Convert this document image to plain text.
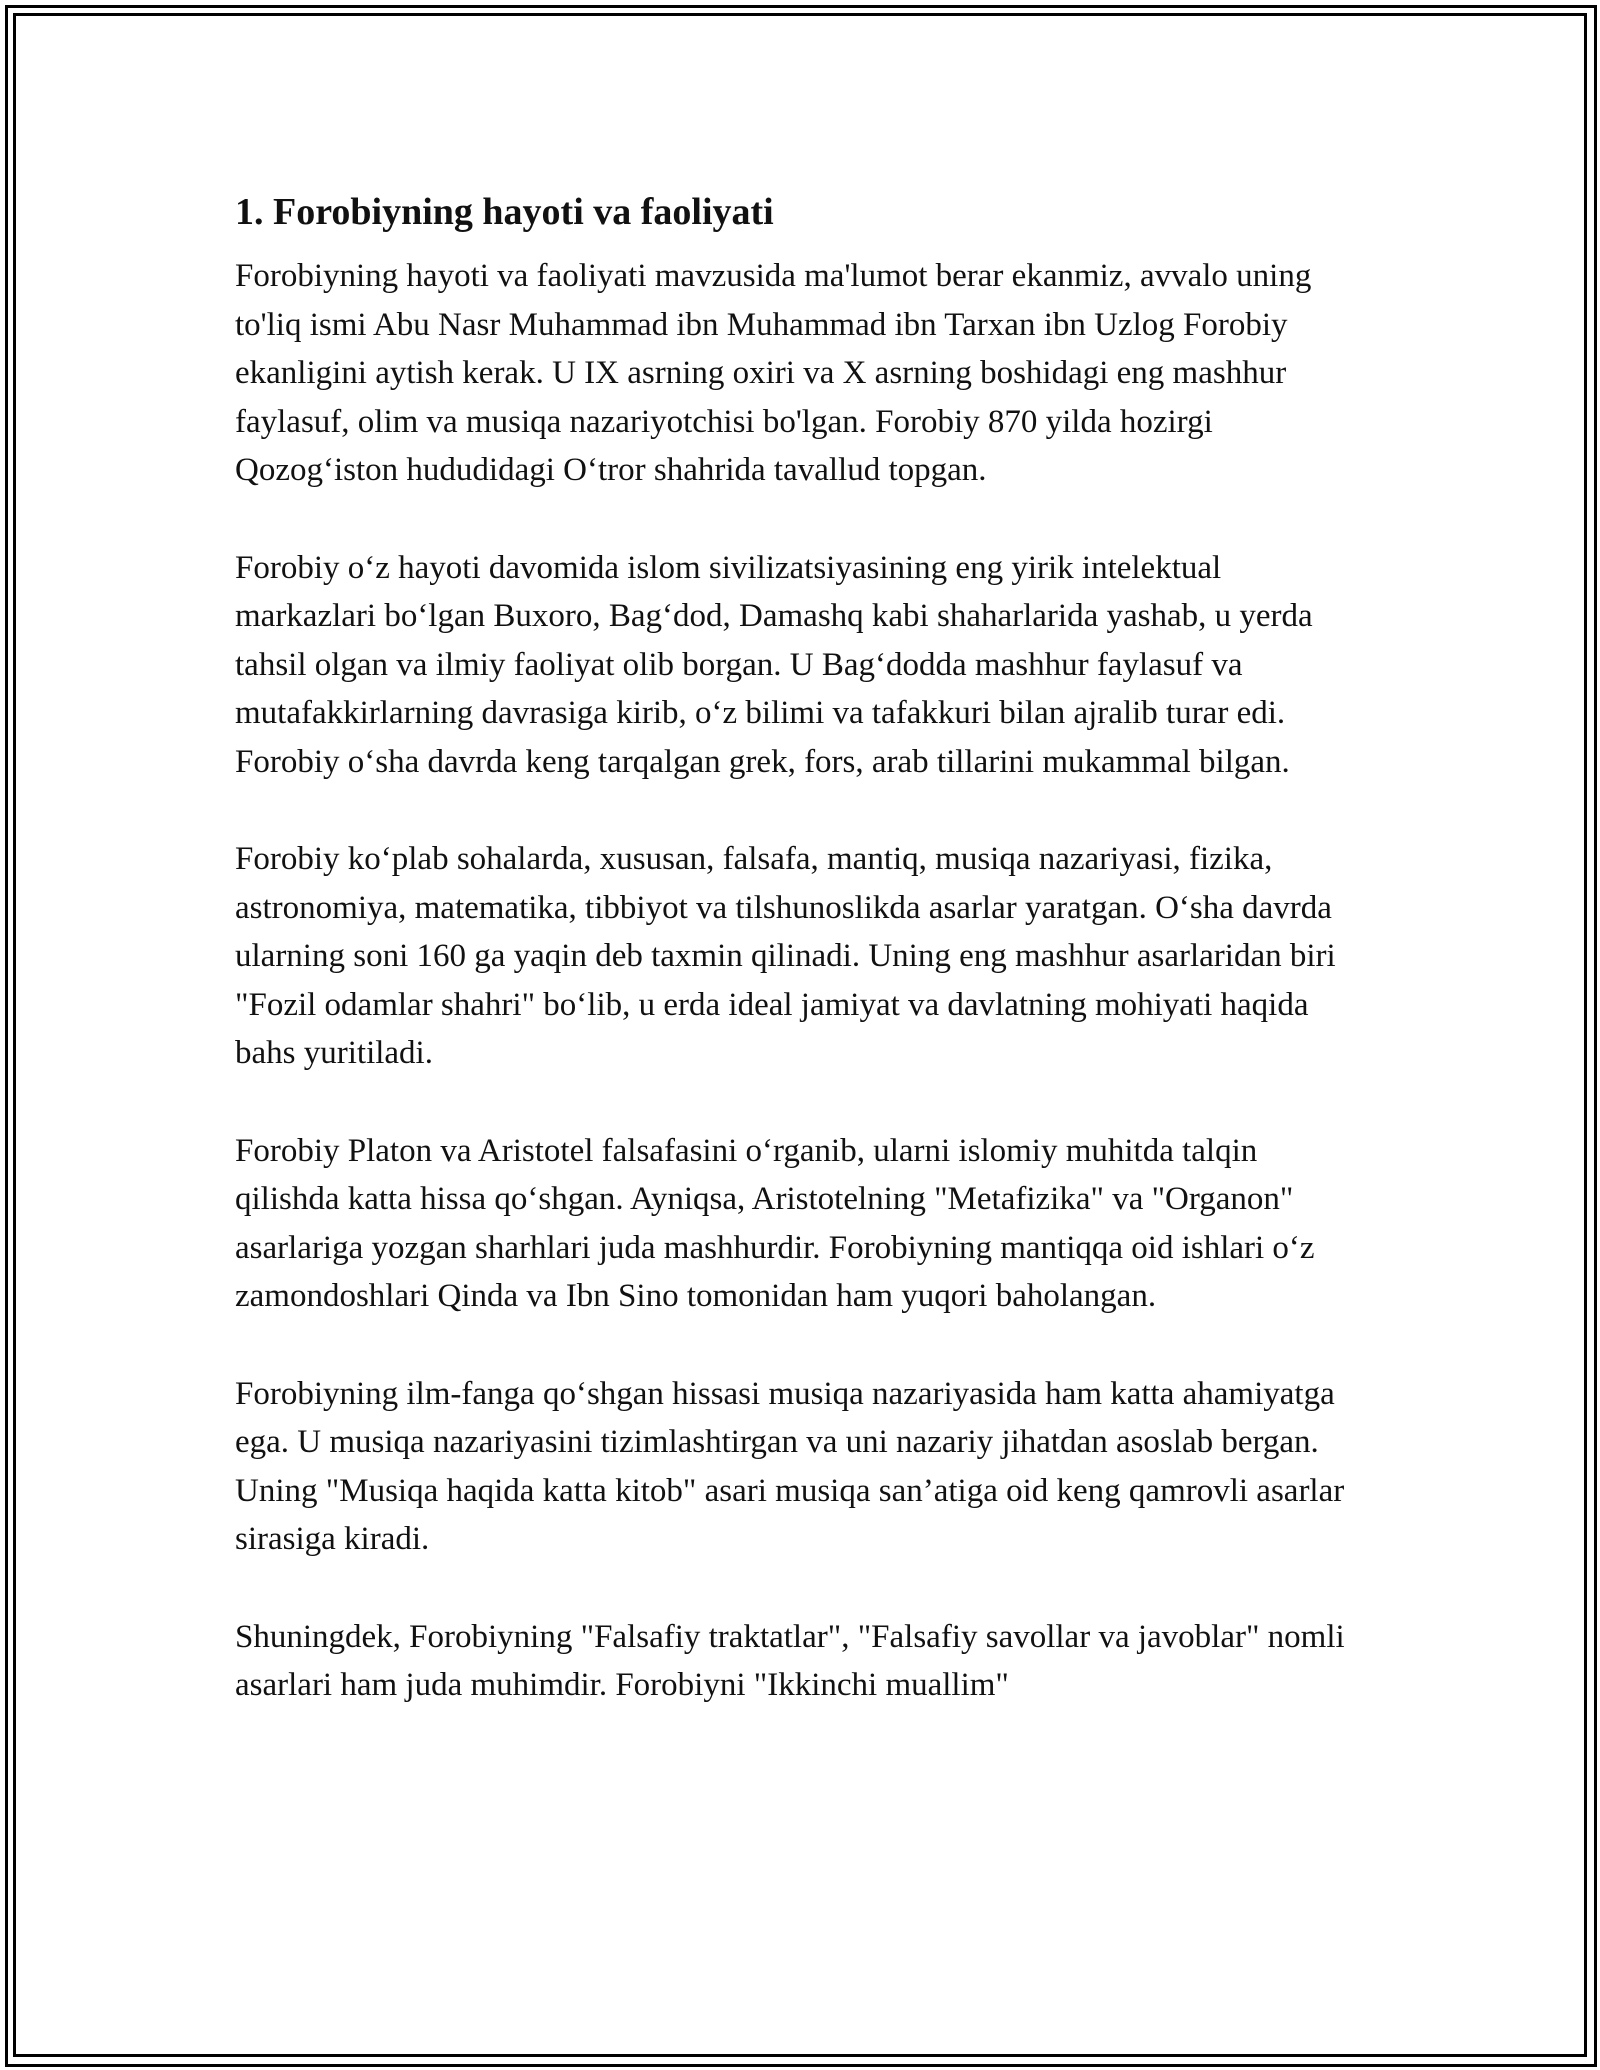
1. Forobiyning hayoti va faoliyati

Forobiyning hayoti va faoliyati mavzusida ma'lumot berar ekanmiz, avvalo uning to'liq ismi Abu Nasr Muhammad ibn Muhammad ibn Tarxan ibn Uzlog Forobiy ekanligini aytish kerak. U IX asrning oxiri va X asrning boshidagi eng mashhur faylasuf, olim va musiqa nazariyotchisi bo'lgan. Forobiy 870 yilda hozirgi Qozog‘iston hududidagi O‘tror shahrida tavallud topgan.

Forobiy o‘z hayoti davomida islom sivilizatsiyasining eng yirik intelektual markazlari bo‘lgan Buxoro, Bag‘dod, Damashq kabi shaharlarida yashab, u yerda tahsil olgan va ilmiy faoliyat olib borgan. U Bag‘dodda mashhur faylasuf va mutafakkirlarning davrasiga kirib, o‘z bilimi va tafakkuri bilan ajralib turar edi. Forobiy o‘sha davrda keng tarqalgan grek, fors, arab tillarini mukammal bilgan.

Forobiy ko‘plab sohalarda, xususan, falsafa, mantiq, musiqa nazariyasi, fizika, astronomiya, matematika, tibbiyot va tilshunoslikda asarlar yaratgan. O‘sha davrda ularning soni 160 ga yaqin deb taxmin qilinadi. Uning eng mashhur asarlaridan biri "Fozil odamlar shahri" bo‘lib, u erda ideal jamiyat va davlatning mohiyati haqida bahs yuritiladi.

Forobiy Platon va Aristotel falsafasini o‘rganib, ularni islomiy muhitda talqin qilishda katta hissa qo‘shgan. Ayniqsa, Aristotelning "Metafizika" va "Organon" asarlariga yozgan sharhlari juda mashhurdir. Forobiyning mantiqqa oid ishlari o‘z zamondoshlari Qinda va Ibn Sino tomonidan ham yuqori baholangan.

Forobiyning ilm-fanga qo‘shgan hissasi musiqa nazariyasida ham katta ahamiyatga ega. U musiqa nazariyasini tizimlashtirgan va uni nazariy jihatdan asoslab bergan. Uning "Musiqa haqida katta kitob" asari musiqa san’atiga oid keng qamrovli asarlar sirasiga kiradi.

Shuningdek, Forobiyning "Falsafiy traktatlar", "Falsafiy savollar va javoblar" nomli asarlari ham juda muhimdir. Forobiyni "Ikkinchi muallim"
